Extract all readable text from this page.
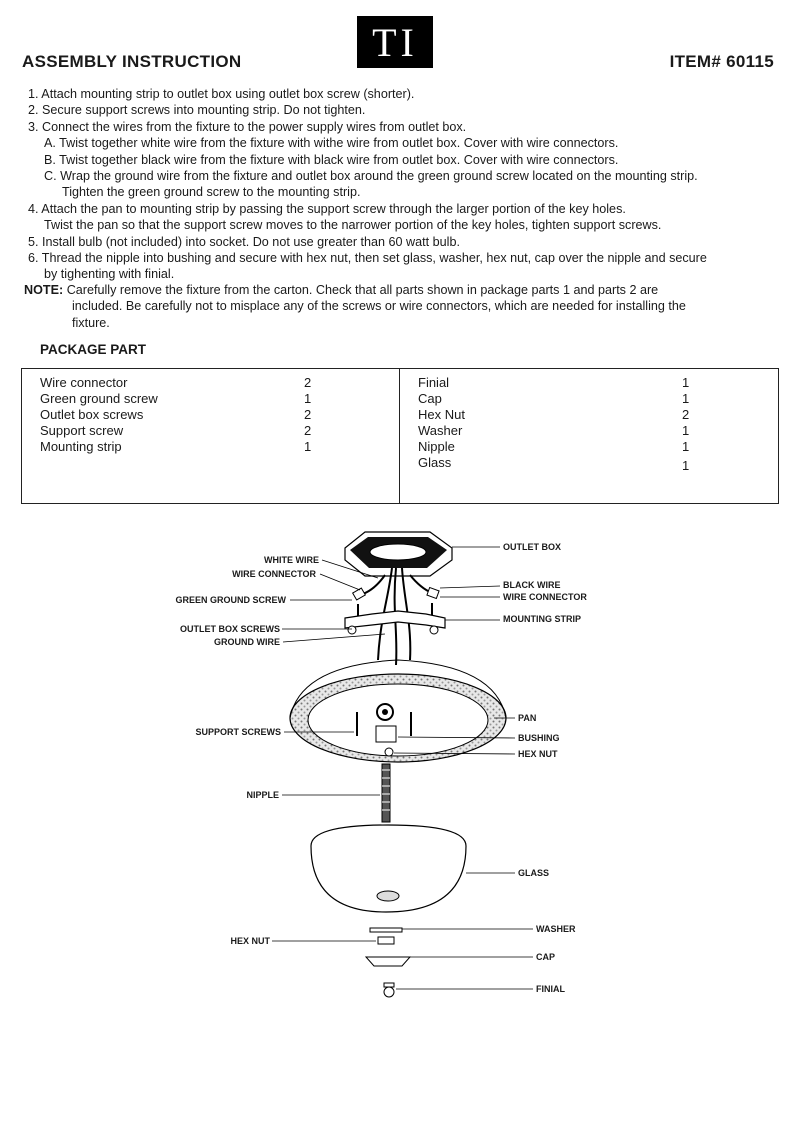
TI
ASSEMBLY INSTRUCTION	ITEM# 60115
1. Attach mounting strip to outlet box using outlet box screw (shorter).
2. Secure support screws into mounting strip. Do not tighten.
3. Connect the wires from the fixture to the power supply wires from outlet box.
A. Twist together white wire from the fixture with withe wire from outlet box. Cover with wire connectors.
B. Twist together black wire from the fixture with black wire from outlet box. Cover with wire connectors.
C. Wrap the ground wire from the fixture and outlet box around the green ground screw located on the mounting strip.
Tighten the green ground screw to the mounting strip.
4. Attach the pan to mounting strip by passing the support screw through the larger portion of the key holes.
Twist the pan so that the support screw moves to the narrower portion of the key holes, tighten support screws.
5. Install bulb (not included) into socket. Do not use greater than 60 watt bulb.
6. Thread the nipple into bushing and secure with hex nut, then set glass, washer, hex nut, cap over the nipple and secure
by tighenting with finial.
NOTE: Carefully remove the fixture from the carton. Check that all parts shown in package parts 1 and parts 2 are
included. Be carefully not to misplace any of the screws or wire connectors, which are needed for installing the
fixture.
PACKAGE PART
Wire connector	2
Green ground screw	1
Outlet box screws	2
Support screw	2
Mounting strip	1
Finial	1
Cap	1
Hex Nut	2
Washer	1
Nipple	1
Glass	1
OUTLET BOX
WHITE WIRE
WIRE CONNECTOR
BLACK WIRE
WIRE CONNECTOR
GREEN GROUND SCREW
MOUNTING STRIP
OUTLET BOX SCREWS
GROUND WIRE
PAN
SUPPORT SCREWS
BUSHING
HEX NUT
NIPPLE
GLASS
WASHER
HEX NUT
CAP
FINIAL
